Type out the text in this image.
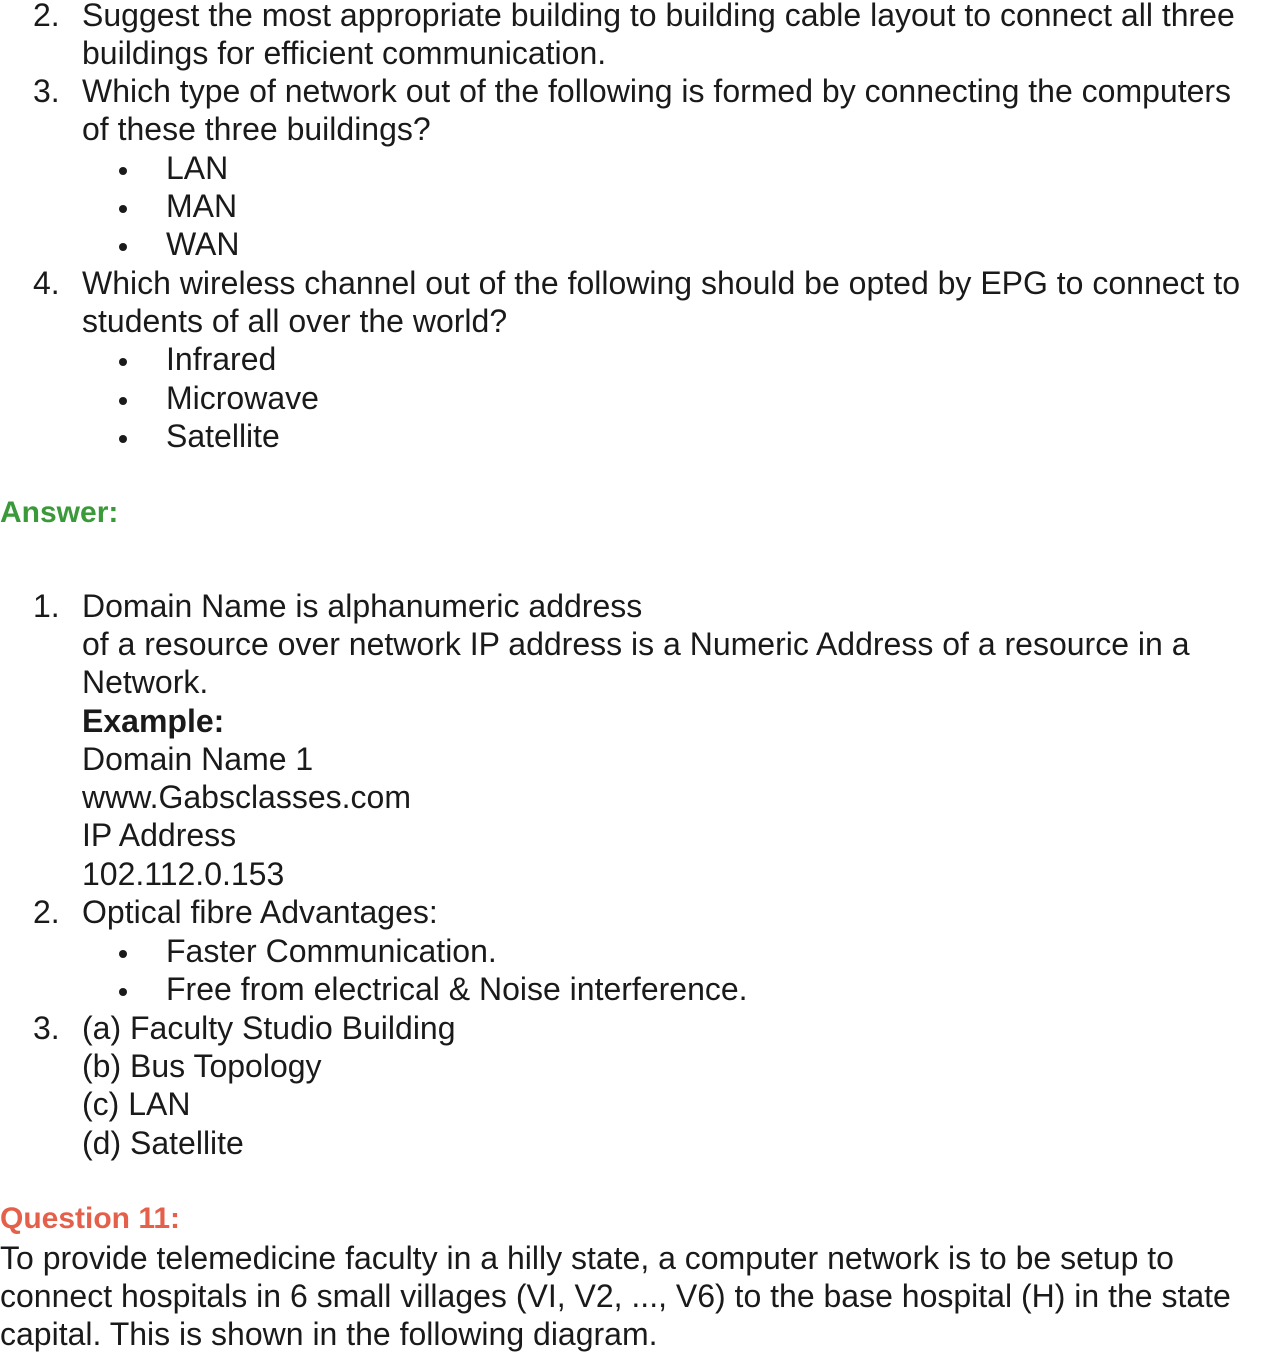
2. Suggest the most appropriate building to building cable layout to connect all three
buildings for efficient communication.
3. Which type of network out of the following is formed by connecting the computers
of these three buildings?
LAN
MAN
WAN
4. Which wireless channel out of the following should be opted by EPG to connect to
students of all over the world?
Infrared
Microwave
Satellite
Answer:
1. Domain Name is alphanumeric address
of a resource over network IP address is a Numeric Address of a resource in a
Network.
Example:
Domain Name 1
www.Gabsclasses.com
IP Address
102.112.0.153
2. Optical fibre Advantages:
Faster Communication.
Free from electrical & Noise interference.
3. (a) Faculty Studio Building
(b) Bus Topology
(c) LAN
(d) Satellite
Question 11:
To provide telemedicine faculty in a hilly state, a computer network is to be setup to
connect hospitals in 6 small villages (VI, V2, ..., V6) to the base hospital (H) in the state
capital. This is shown in the following diagram.
